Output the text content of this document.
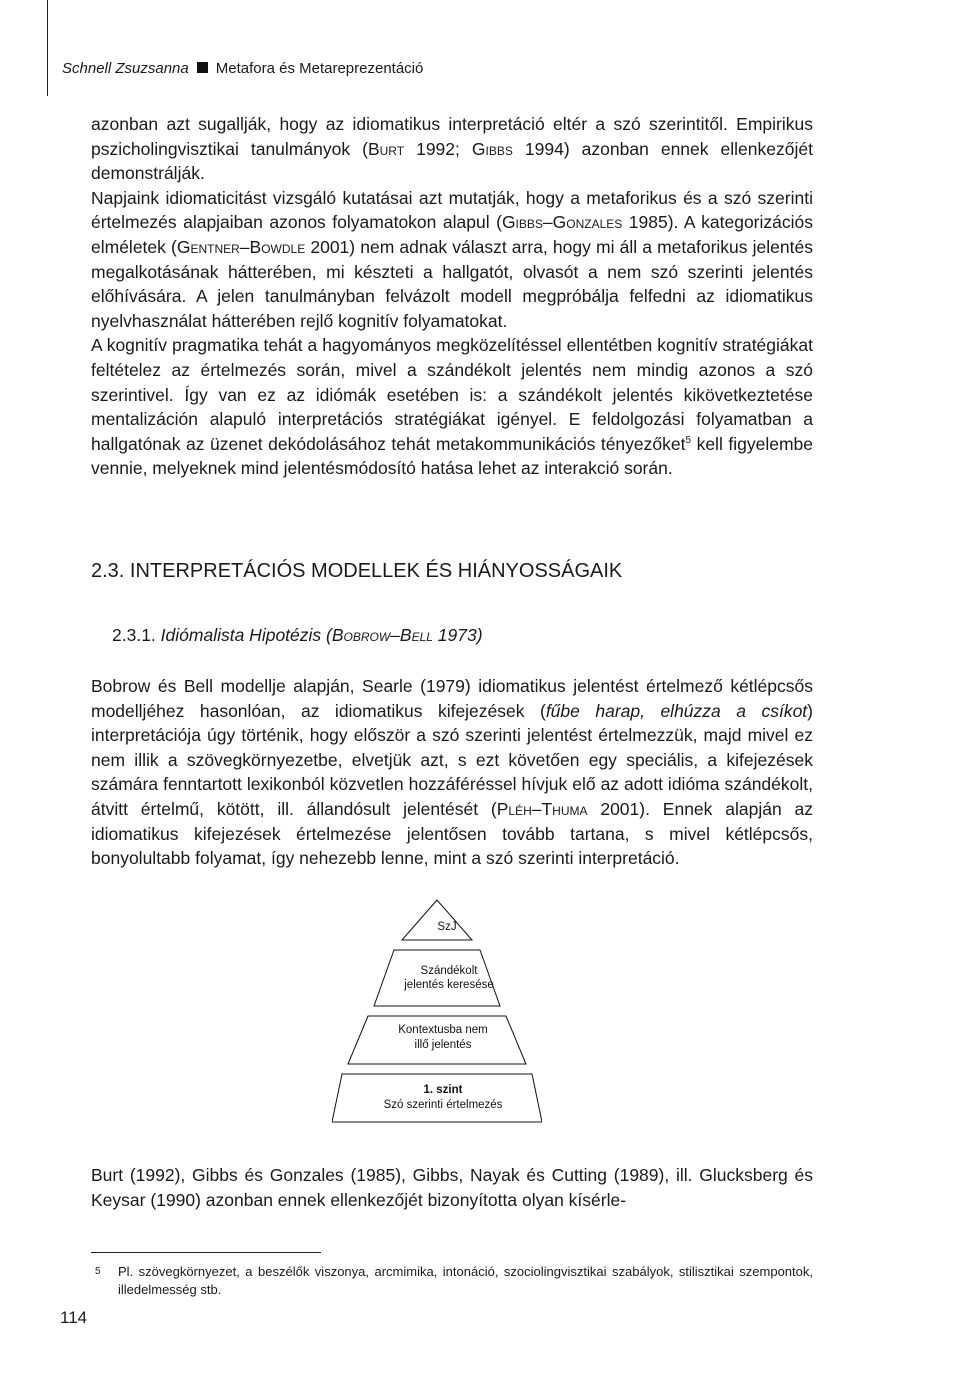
Schnell Zsuzsanna Metafora és Metareprezentáció

azonban azt sugallják, hogy az idiomatikus interpretáció eltér a szó szerintitől. Empirikus pszicholingvisztikai tanulmányok (Burt 1992; Gibbs 1994) azonban ennek ellenkezőjét demonstrálják.

Napjaink idiomaticitást vizsgáló kutatásai azt mutatják, hogy a metaforikus és a szó szerinti értelmezés alapjaiban azonos folyamatokon alapul (Gibbs–Gonzales 1985). A kategorizációs elméletek (Gentner–Bowdle 2001) nem adnak választ arra, hogy mi áll a metaforikus jelentés megalkotásának hátterében, mi készteti a hallgatót, olvasót a nem szó szerinti jelentés előhívására. A jelen tanulmányban felvázolt modell megpróbálja felfedni az idiomatikus nyelvhasználat hátterében rejlő kognitív folyamatokat.

A kognitív pragmatika tehát a hagyományos megközelítéssel ellentétben kognitív stratégiákat feltételez az értelmezés során, mivel a szándékolt jelentés nem mindig azonos a szó szerintivel. Így van ez az idiómák esetében is: a szándékolt jelentés kikövetkeztetése mentalizáción alapuló interpretációs stratégiákat igényel. E feldolgozási folyamatban a hallgatónak az üzenet dekódolásához tehát metakommunikációs tényezőket$^5$ kell figyelembe vennie, melyeknek mind jelentésmódosító hatása lehet az interakció során.

2.3. INTERPRETÁCIÓS MODELLEK ÉS HIÁNYOSSÁGAIK
2.3.1. Idiómalista Hipotézis (Bobrow–Bell 1973)

Bobrow és Bell modellje alapján, Searle (1979) idiomatikus jelentést értelmező kétlépcsős modelljéhez hasonlóan, az idiomatikus kifejezések (fűbe harap, elhúzza a csíkot) interpretációja úgy történik, hogy először a szó szerinti jelentést értelmezzük, majd mivel ez nem illik a szövegkörnyezetbe, elvetjük azt, s ezt követően egy speciális, a kifejezések számára fenntartott lexikonból közvetlen hozzáféréssel hívjuk elő az adott idióma szándékolt, átvitt értelmű, kötött, ill. állandósult jelentését (Pléh–Thuma 2001). Ennek alapján az idiomatikus kifejezések értelmezése jelentősen tovább tartana, s mivel kétlépcsős, bonyolultabb folyamat, így nehezebb lenne, mint a szó szerinti interpretáció.

SzJ
Szándékolt
jelentés keresése
Kontextusba nem
illő jelentés
1. szint
Szó szerinti értelmezés

Burt (1992), Gibbs és Gonzales (1985), Gibbs, Nayak és Cutting (1989), ill. Glucksberg és Keysar (1990) azonban ennek ellenkezőjét bizonyította olyan kísérle-

5 Pl. szövegkörnyezet, a beszélők viszonya, arcmimika, intonáció, szociolingvisztikai szabályok, stilisztikai szempontok, illedelmesség stb.
114
